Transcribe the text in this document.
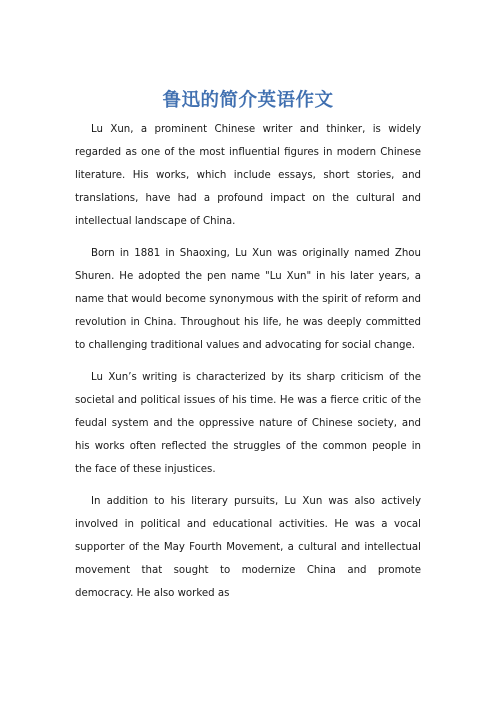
鲁迅的简介英语作文

Lu Xun, a prominent Chinese writer and thinker, is widely regarded as one of the most influential figures in modern Chinese literature. His works, which include essays, short stories, and translations, have had a profound impact on the cultural and intellectual landscape of China.

Born in 1881 in Shaoxing, Lu Xun was originally named Zhou Shuren. He adopted the pen name "Lu Xun" in his later years, a name that would become synonymous with the spirit of reform and revolution in China. Throughout his life, he was deeply committed to challenging traditional values and advocating for social change.

Lu Xun’s writing is characterized by its sharp criticism of the societal and political issues of his time. He was a fierce critic of the feudal system and the oppressive nature of Chinese society, and his works often reflected the struggles of the common people in the face of these injustices.

In addition to his literary pursuits, Lu Xun was also actively involved in political and educational activities. He was a vocal supporter of the May Fourth Movement, a cultural and intellectual movement that sought to modernize China and promote democracy. He also worked as
